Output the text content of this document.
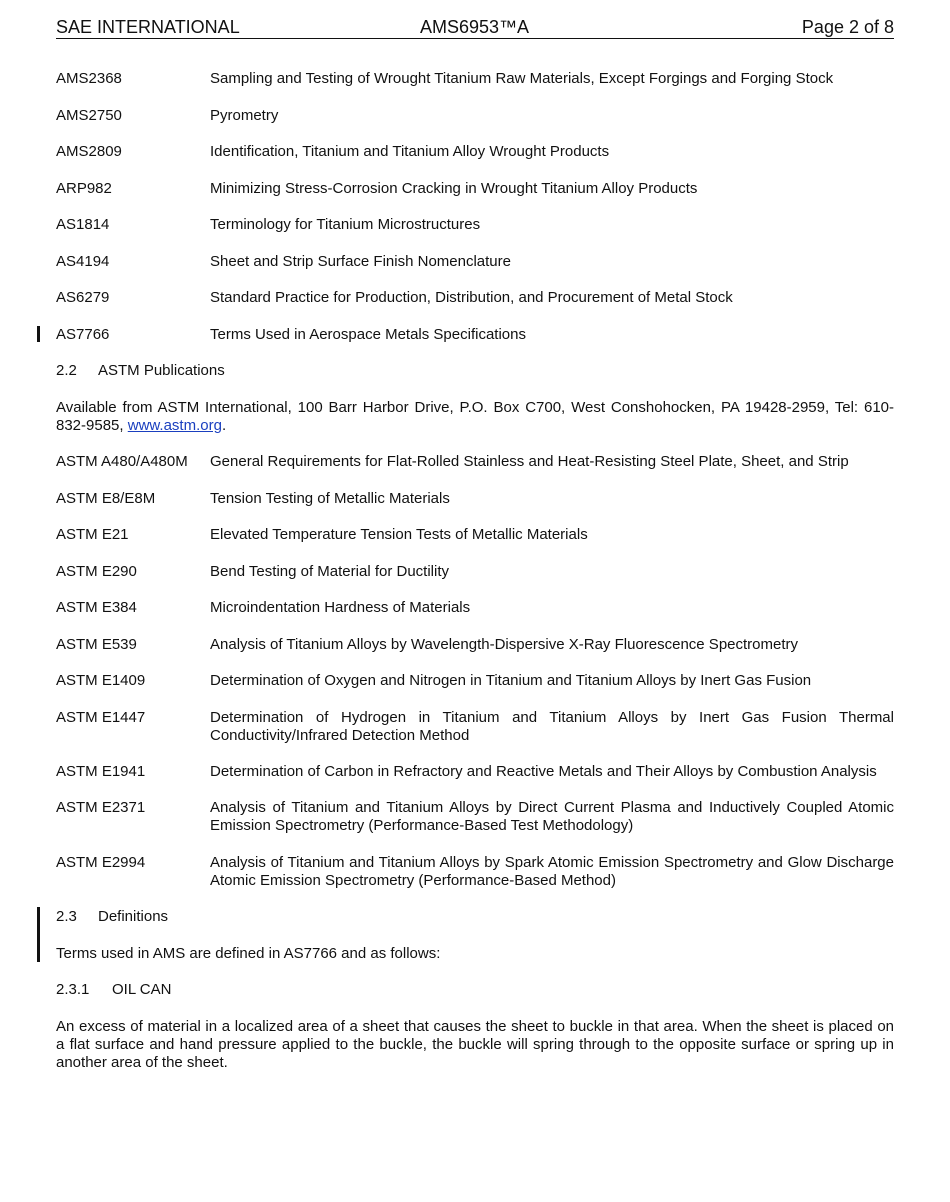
SAE INTERNATIONAL	AMS6953™A	Page 2 of 8
AMS2368	Sampling and Testing of Wrought Titanium Raw Materials, Except Forgings and Forging Stock
AMS2750	Pyrometry
AMS2809	Identification, Titanium and Titanium Alloy Wrought Products
ARP982	Minimizing Stress-Corrosion Cracking in Wrought Titanium Alloy Products
AS1814	Terminology for Titanium Microstructures
AS4194	Sheet and Strip Surface Finish Nomenclature
AS6279	Standard Practice for Production, Distribution, and Procurement of Metal Stock
AS7766	Terms Used in Aerospace Metals Specifications
2.2 ASTM Publications
Available from ASTM International, 100 Barr Harbor Drive, P.O. Box C700, West Conshohocken, PA 19428-2959, Tel: 610-832-9585, www.astm.org.
ASTM A480/A480M	General Requirements for Flat-Rolled Stainless and Heat-Resisting Steel Plate, Sheet, and Strip
ASTM E8/E8M	Tension Testing of Metallic Materials
ASTM E21	Elevated Temperature Tension Tests of Metallic Materials
ASTM E290	Bend Testing of Material for Ductility
ASTM E384	Microindentation Hardness of Materials
ASTM E539	Analysis of Titanium Alloys by Wavelength-Dispersive X-Ray Fluorescence Spectrometry
ASTM E1409	Determination of Oxygen and Nitrogen in Titanium and Titanium Alloys by Inert Gas Fusion
ASTM E1447	Determination of Hydrogen in Titanium and Titanium Alloys by Inert Gas Fusion Thermal Conductivity/Infrared Detection Method
ASTM E1941	Determination of Carbon in Refractory and Reactive Metals and Their Alloys by Combustion Analysis
ASTM E2371	Analysis of Titanium and Titanium Alloys by Direct Current Plasma and Inductively Coupled Atomic Emission Spectrometry (Performance-Based Test Methodology)
ASTM E2994	Analysis of Titanium and Titanium Alloys by Spark Atomic Emission Spectrometry and Glow Discharge Atomic Emission Spectrometry (Performance-Based Method)
2.3 Definitions
Terms used in AMS are defined in AS7766 and as follows:
2.3.1 OIL CAN
An excess of material in a localized area of a sheet that causes the sheet to buckle in that area. When the sheet is placed on a flat surface and hand pressure applied to the buckle, the buckle will spring through to the opposite surface or spring up in another area of the sheet.
